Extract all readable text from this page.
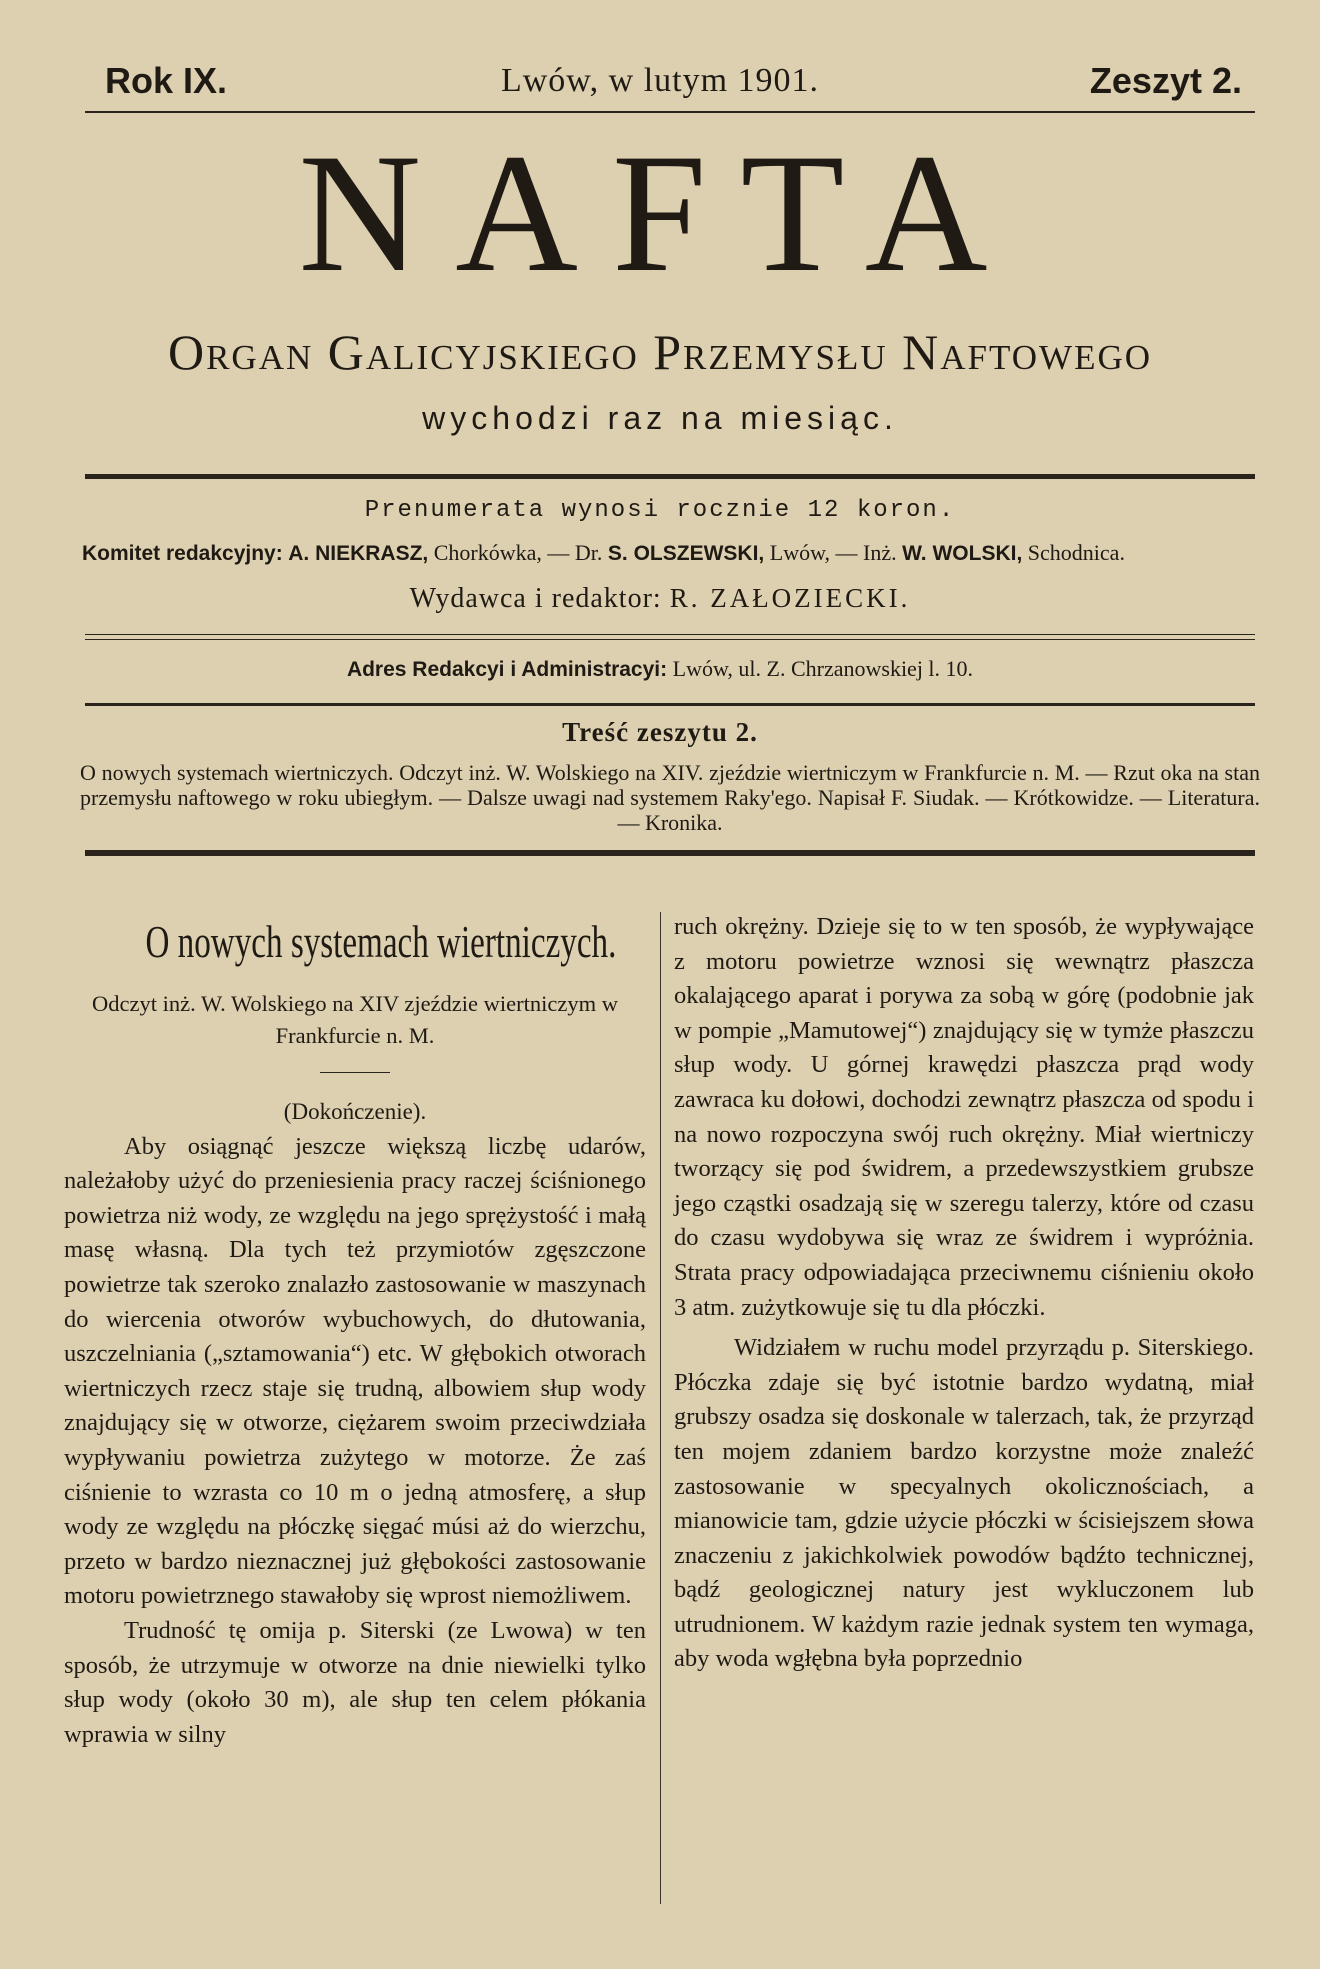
Rok IX.	Lwów, w lutym 1901.	Zeszyt 2.
NAFTA
Organ Galicyjskiego Przemysłu Naftowego
wychodzi raz na miesiąc.
Prenumerata wynosi rocznie 12 koron.
Komitet redakcyjny: A. NIEKRASZ, Chorkówka, — Dr. S. OLSZEWSKI, Lwów, — Inż. W. WOLSKI, Schodnica.
Wydawca i redaktor: R. ZAŁOZIECKI.
Adres Redakcyi i Administracyi: Lwów, ul. Z. Chrzanowskiej l. 10.
Treść zeszytu 2.
O nowych systemach wiertniczych. Odczyt inż. W. Wolskiego na XIV. zjeździe wiertniczym w Frankfurcie n. M. — Rzut oka na stan przemysłu naftowego w roku ubiegłym. — Dalsze uwagi nad systemem Raky'ego. Napisał F. Siudak. — Krótkowidze. — Literatura. — Kronika.
O nowych systemach wiertniczych.
Odczyt inż. W. Wolskiego na XIV zjeździe wiertniczym w Frankfurcie n. M.
(Dokończenie).

Aby osiągnąć jeszcze większą liczbę udarów, należałoby użyć do przeniesienia pracy raczej ściśnionego powietrza niż wody, ze względu na jego sprężystość i małą masę własną. Dla tych też przymiotów zgęszczone powietrze tak szeroko znalazło zastosowanie w maszynach do wiercenia otworów wybuchowych, do dłutowania, uszczelniania („sztamowania“) etc. W głębokich otworach wiertniczych rzecz staje się trudną, albowiem słup wody znajdujący się w otworze, ciężarem swoim przeciwdziała wypływaniu powietrza zużytego w motorze. Że zaś ciśnienie to wzrasta co 10 m o jedną atmosferę, a słup wody ze względu na płóczkę sięgać músi aż do wierzchu, przeto w bardzo nieznacznej już głębokości zastosowanie motoru powietrznego stawałoby się wprost niemożliwem.

Trudność tę omija p. Siterski (ze Lwowa) w ten sposób, że utrzymuje w otworze na dnie niewielki tylko słup wody (około 30 m), ale słup ten celem płókania wprawia w silny

ruch okrężny. Dzieje się to w ten sposób, że wypływające z motoru powietrze wznosi się wewnątrz płaszcza okalającego aparat i porywa za sobą w górę (podobnie jak w pompie „Mamutowej“) znajdujący się w tymże płaszczu słup wody. U górnej krawędzi płaszcza prąd wody zawraca ku dołowi, dochodzi zewnątrz płaszcza od spodu i na nowo rozpoczyna swój ruch okrężny. Miał wiertniczy tworzący się pod świdrem, a przedewszystkiem grubsze jego cząstki osadzają się w szeregu talerzy, które od czasu do czasu wydobywa się wraz ze świdrem i wypróżnia. Strata pracy odpowiadająca przeciwnemu ciśnieniu około 3 atm. zużytkowuje się tu dla płóczki.

Widziałem w ruchu model przyrządu p. Siterskiego. Płóczka zdaje się być istotnie bardzo wydatną, miał grubszy osadza się doskonale w talerzach, tak, że przyrząd ten mojem zdaniem bardzo korzystne może znaleźć zastosowanie w specyalnych okolicznościach, a mianowicie tam, gdzie użycie płóczki w ścisiejszem słowa znaczeniu z jakichkolwiek powodów bądźto technicznej, bądź geologicznej natury jest wykluczonem lub utrudnionem. W każdym razie jednak system ten wymaga, aby woda wgłębna była poprzednio
